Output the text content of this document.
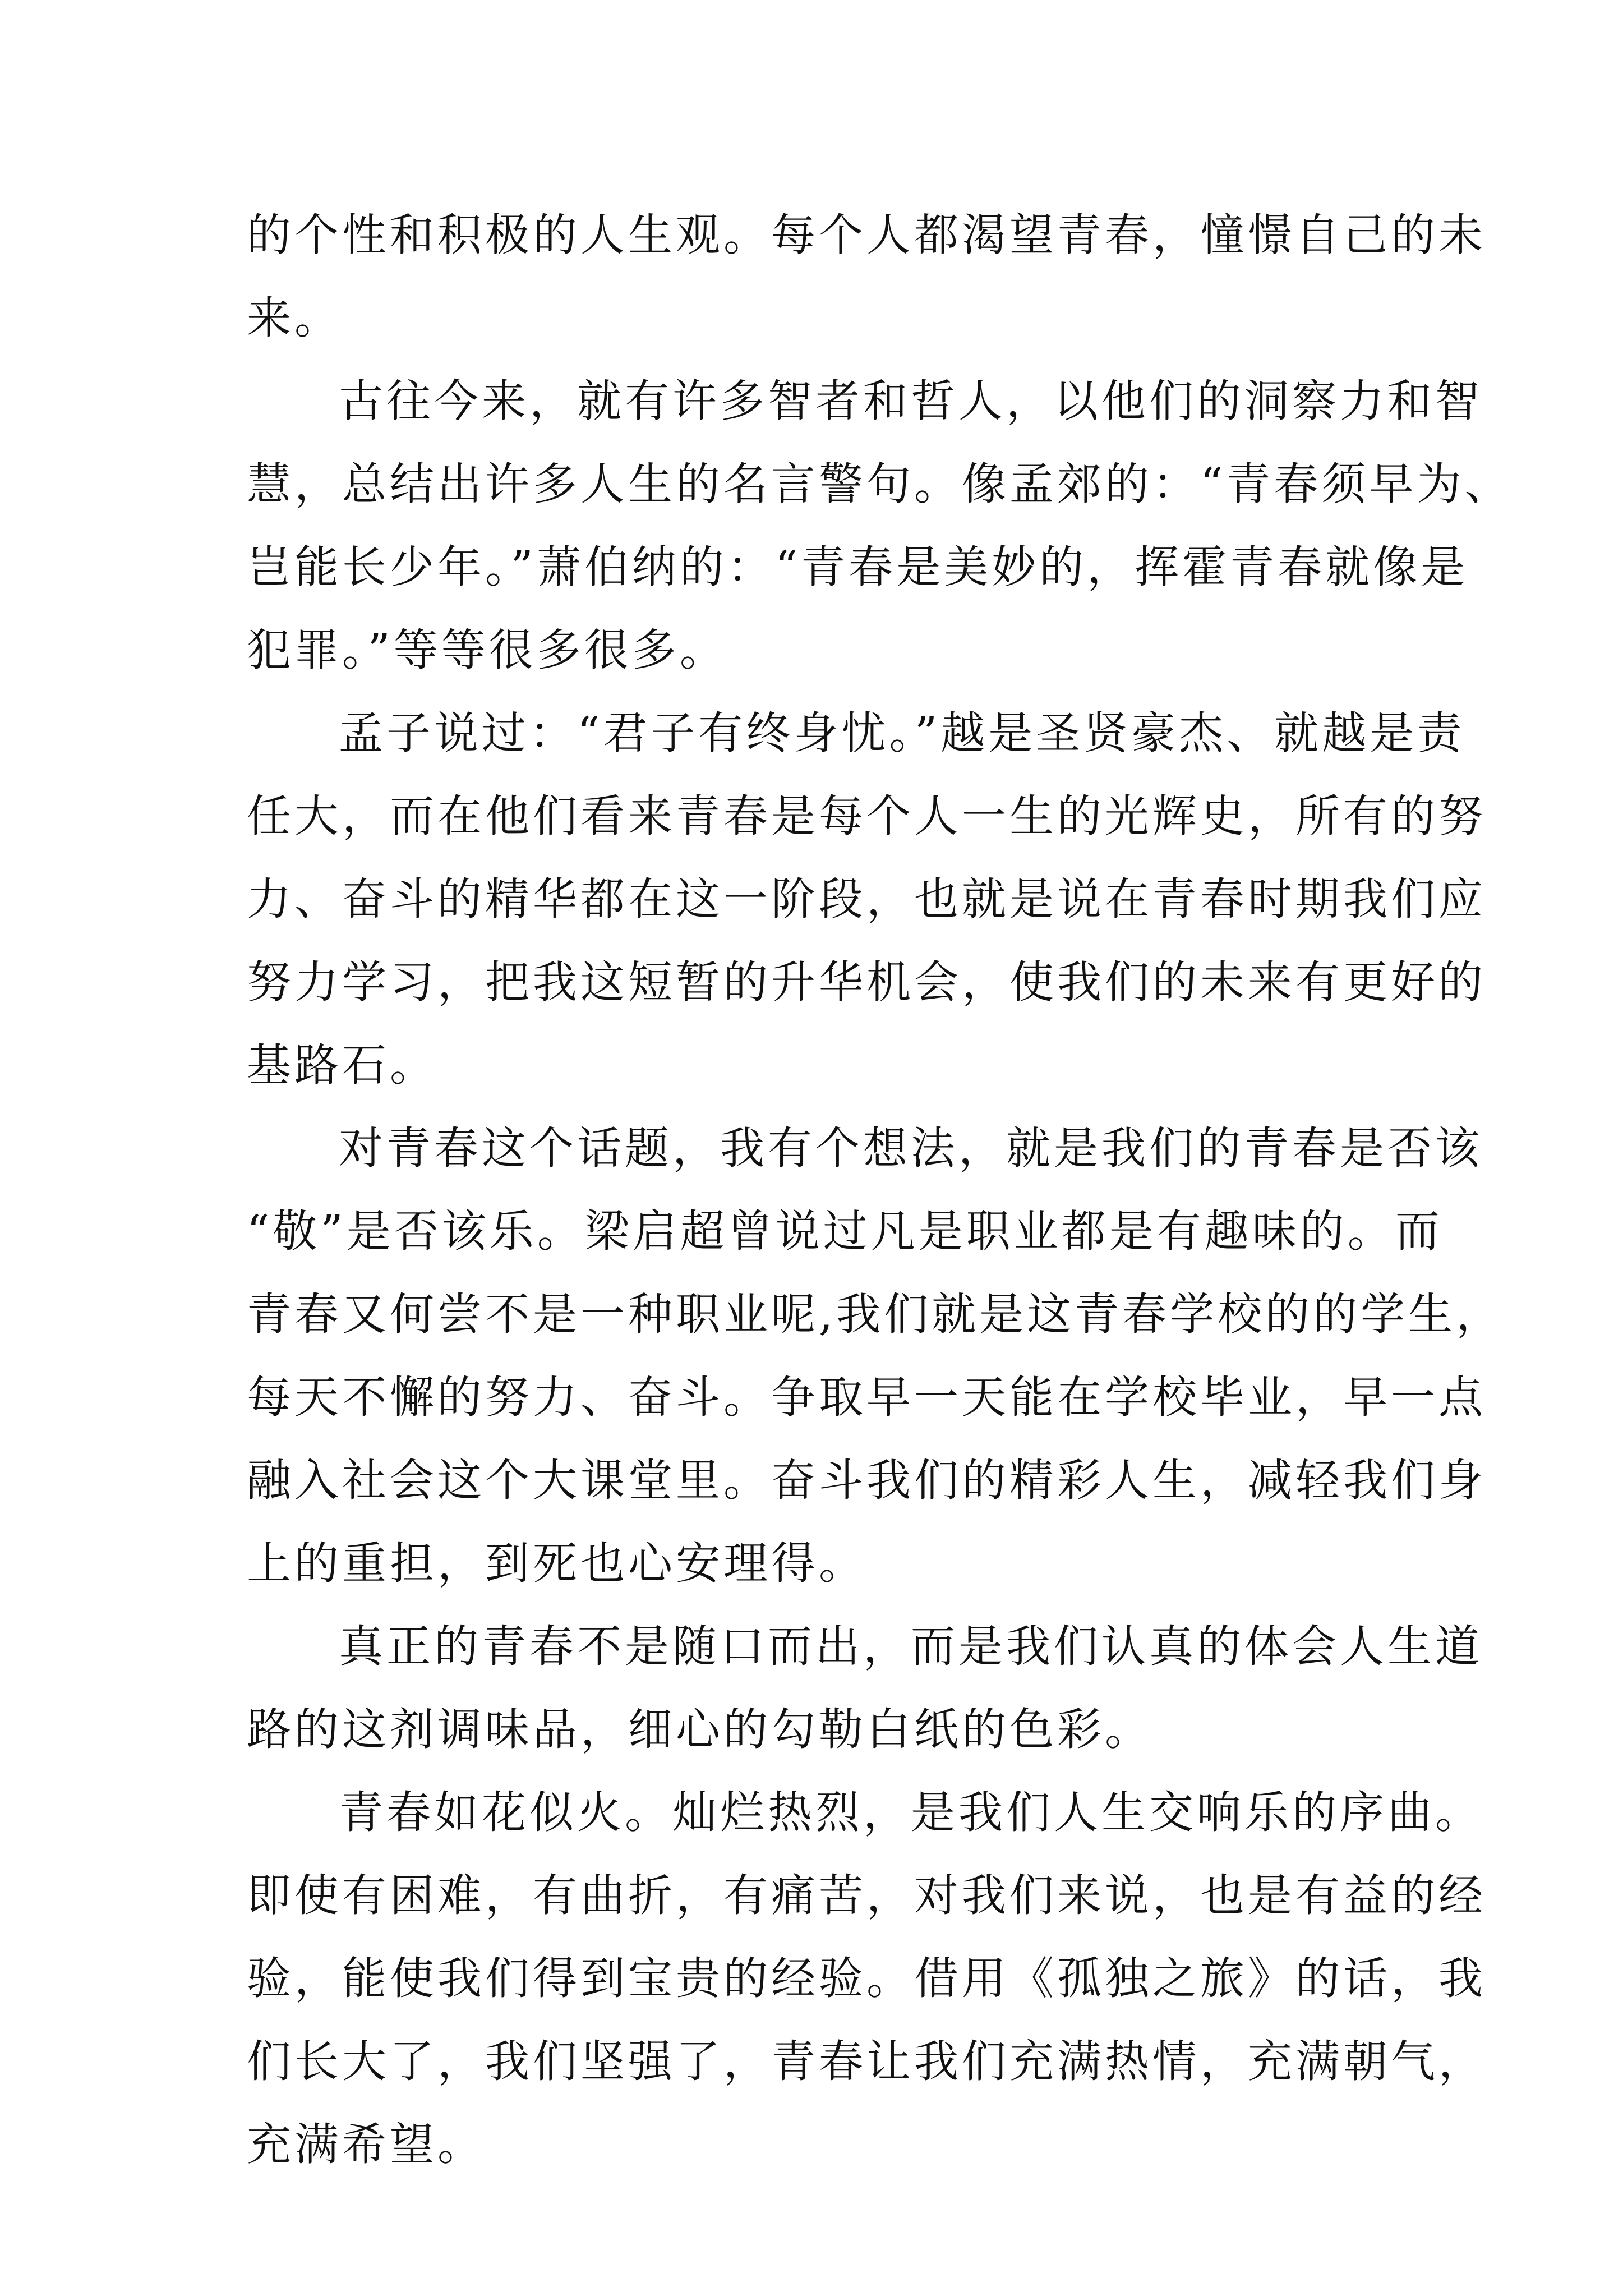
的个性和积极的人生观。每个人都渴望青春，憧憬自己的未
来。
古往今来，就有许多智者和哲人，以他们的洞察力和智
慧，总结出许多人生的名言警句。像孟郊的：“青春须早为、
岂能长少年。”萧伯纳的：“青春是美妙的，挥霍青春就像是
犯罪。”等等很多很多。
孟子说过：“君子有终身忧。”越是圣贤豪杰、就越是责
任大，而在他们看来青春是每个人一生的光辉史，所有的努
力、奋斗的精华都在这一阶段，也就是说在青春时期我们应
努力学习，把我这短暂的升华机会，使我们的未来有更好的
基路石。
对青春这个话题，我有个想法，就是我们的青春是否该
“敬”是否该乐。梁启超曾说过凡是职业都是有趣味的。而
青春又何尝不是一种职业呢,我们就是这青春学校的的学生，
每天不懈的努力、奋斗。争取早一天能在学校毕业，早一点
融入社会这个大课堂里。奋斗我们的精彩人生，减轻我们身
上的重担，到死也心安理得。
真正的青春不是随口而出，而是我们认真的体会人生道
路的这剂调味品，细心的勾勒白纸的色彩。
青春如花似火。灿烂热烈，是我们人生交响乐的序曲。
即使有困难，有曲折，有痛苦，对我们来说，也是有益的经
验，能使我们得到宝贵的经验。借用《孤独之旅》的话，我
们长大了，我们坚强了，青春让我们充满热情，充满朝气，
充满希望。
